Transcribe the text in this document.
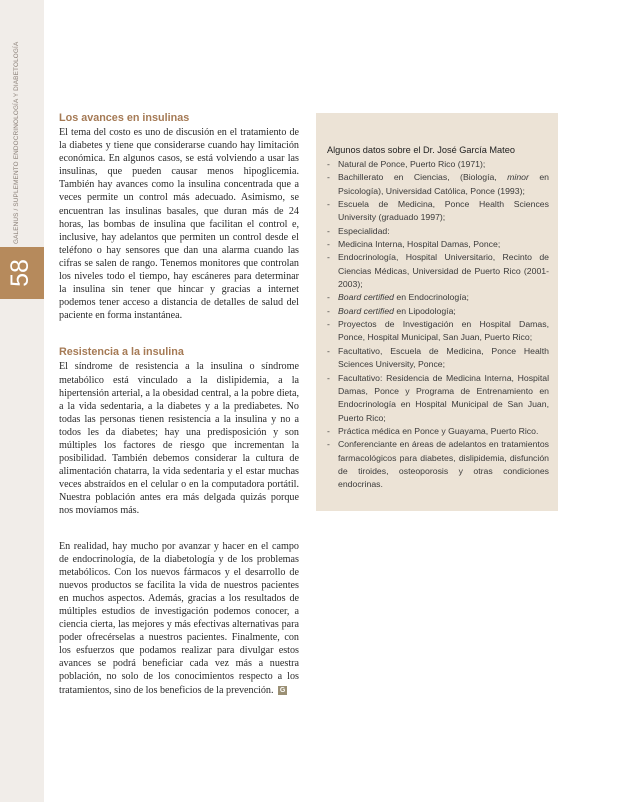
GALENUS / SUPLEMENTO ENDOCRINOLOGÍA Y DIABETOLOGÍA
58
Los avances en insulinas

El tema del costo es uno de discusión en el tratamiento de la diabetes y tiene que considerarse cuando hay limitación económica. En algunos casos, se está volviendo a usar las insulinas, que pueden causar menos hipoglicemia. También hay avances como la insulina concentrada que a veces permite un control más adecuado. Asimismo, se encuentran las insulinas basales, que duran más de 24 horas, las bombas de insulina que facilitan el control e, inclusive, hay adelantos que permiten un control desde el teléfono o hay sensores que dan una alarma cuando las cifras se salen de rango. Tenemos monitores que controlan los niveles todo el tiempo, hay escáneres para determinar la insulina sin tener que hincar y gracias a internet podemos tener acceso a distancia de detalles de salud del paciente en forma instantánea.

Resistencia a la insulina

El síndrome de resistencia a la insulina o síndrome metabólico está vinculado a la dislipidemia, a la hipertensión arterial, a la obesidad central, a la pobre dieta, a la vida sedentaria, a la diabetes y a la prediabetes. No todas las personas tienen resistencia a la insulina y no a todos les da diabetes; hay una predisposición y son múltiples los factores de riesgo que incrementan la posibilidad. También debemos considerar la cultura de alimentación chatarra, la vida sedentaria y el estar muchas veces abstraídos en el celular o en la computadora portátil. Nuestra población antes era más delgada quizás porque nos movíamos más.

En realidad, hay mucho por avanzar y hacer en el campo de endocrinología, de la diabetología y de los problemas metabólicos. Con los nuevos fármacos y el desarrollo de nuevos productos se facilita la vida de nuestros pacientes en muchos aspectos. Además, gracias a los resultados de múltiples estudios de investigación podemos conocer, a ciencia cierta, las mejores y más efectivas alternativas para poder ofrecérselas a nuestros pacientes. Finalmente, con los esfuerzos que podamos realizar para divulgar estos avances se podrá beneficiar cada vez más a nuestra población, no solo de los conocimientos respecto a los tratamientos, sino de los beneficios de la prevención. G

Algunos datos sobre el Dr. José García Mateo

- Natural de Ponce, Puerto Rico (1971);
- Bachillerato en Ciencias, (Biología, minor en Psicología), Universidad Católica, Ponce (1993);
- Escuela de Medicina, Ponce Health Sciences University (graduado 1997);
- Especialidad:
- Medicina Interna, Hospital Damas, Ponce;
- Endocrinología, Hospital Universitario, Recinto de Ciencias Médicas, Universidad de Puerto Rico (2001-2003);
- Board certified en Endocrinología;
- Board certified en Lipodología;
- Proyectos de Investigación en Hospital Damas, Ponce, Hospital Municipal, San Juan, Puerto Rico;
- Facultativo, Escuela de Medicina, Ponce Health Sciences University, Ponce;
- Facultativo: Residencia de Medicina Interna, Hospital Damas, Ponce y Programa de Entrenamiento en Endocrinología en Hospital Municipal de San Juan, Puerto Rico;
- Práctica médica en Ponce y Guayama, Puerto Rico.
- Conferenciante en áreas de adelantos en tratamientos farmacológicos para diabetes, dislipidemia, disfunción de tiroides, osteoporosis y otras condiciones endocrinas.
